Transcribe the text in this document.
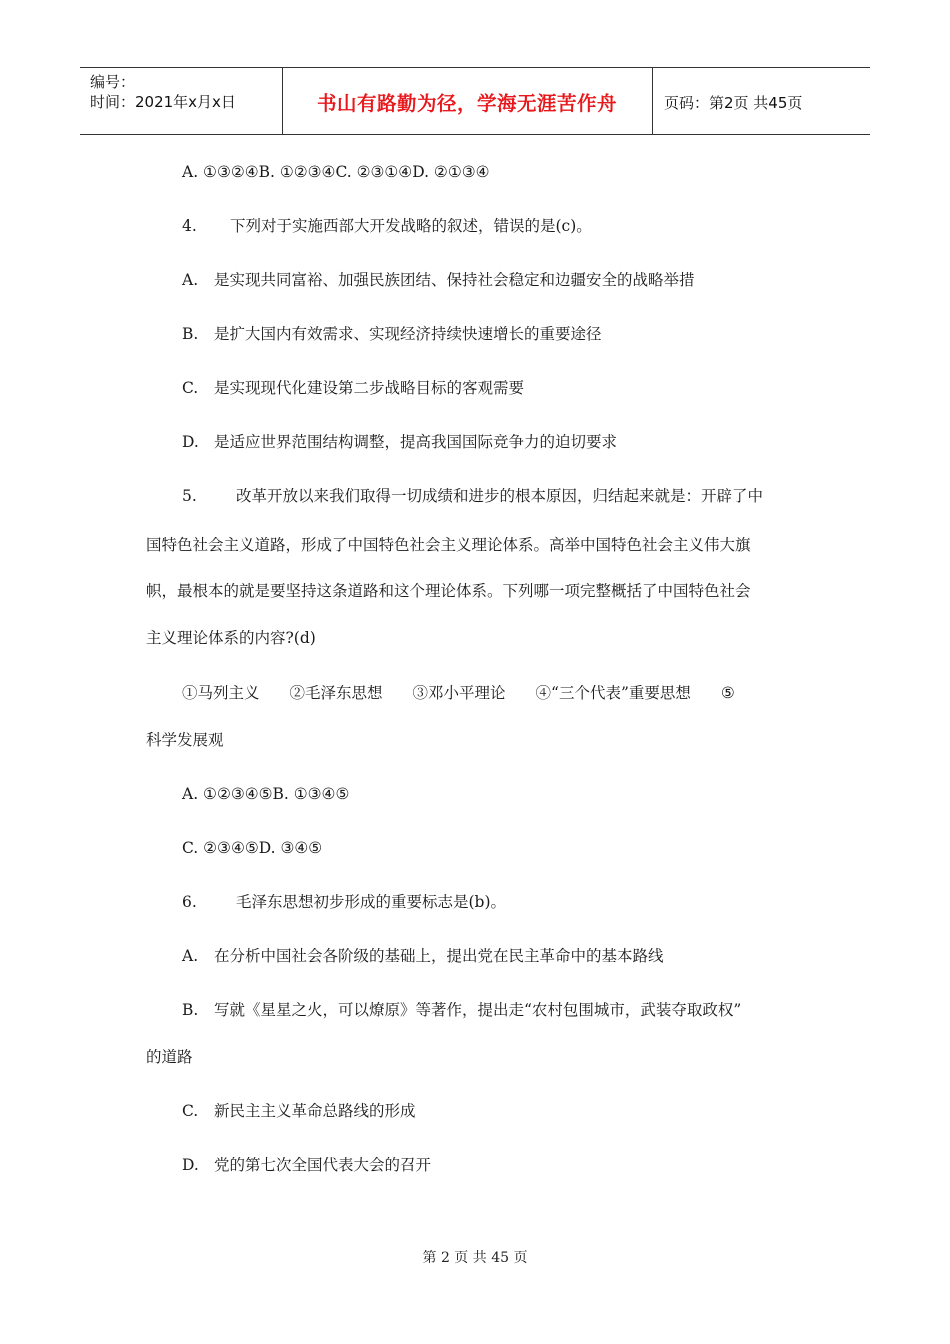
编号：
时间：2021年x月x日	书山有路勤为径，学海无涯苦作舟	页码：第2页 共45页
A. ①③②④B. ①②③④C. ②③①④D. ②①③④
4. 下列对于实施西部大开发战略的叙述，错误的是(c)。
A. 是实现共同富裕、加强民族团结、保持社会稳定和边疆安全的战略举措
B. 是扩大国内有效需求、实现经济持续快速增长的重要途径
C. 是实现现代化建设第二步战略目标的客观需要
D. 是适应世界范围结构调整，提高我国国际竞争力的迫切要求
5.	改革开放以来我们取得一切成绩和进步的根本原因，归结起来就是：开辟了中
国特色社会主义道路，形成了中国特色社会主义理论体系。高举中国特色社会主义伟大旗
帜，最根本的就是要坚持这条道路和这个理论体系。下列哪一项完整概括了中国特色社会
主义理论体系的内容?(d)
①马列主义 ②毛泽东思想 ③邓小平理论 ④“三个代表”重要思想 ⑤
科学发展观
A. ①②③④⑤B. ①③④⑤
C. ②③④⑤D. ③④⑤
6.	毛泽东思想初步形成的重要标志是(b)。
A. 在分析中国社会各阶级的基础上，提出党在民主革命中的基本路线
B. 写就《星星之火，可以燎原》等著作，提出走“农村包围城市，武装夺取政权”
的道路
C. 新民主主义革命总路线的形成
D. 党的第七次全国代表大会的召开
第 2 页 共 45 页
